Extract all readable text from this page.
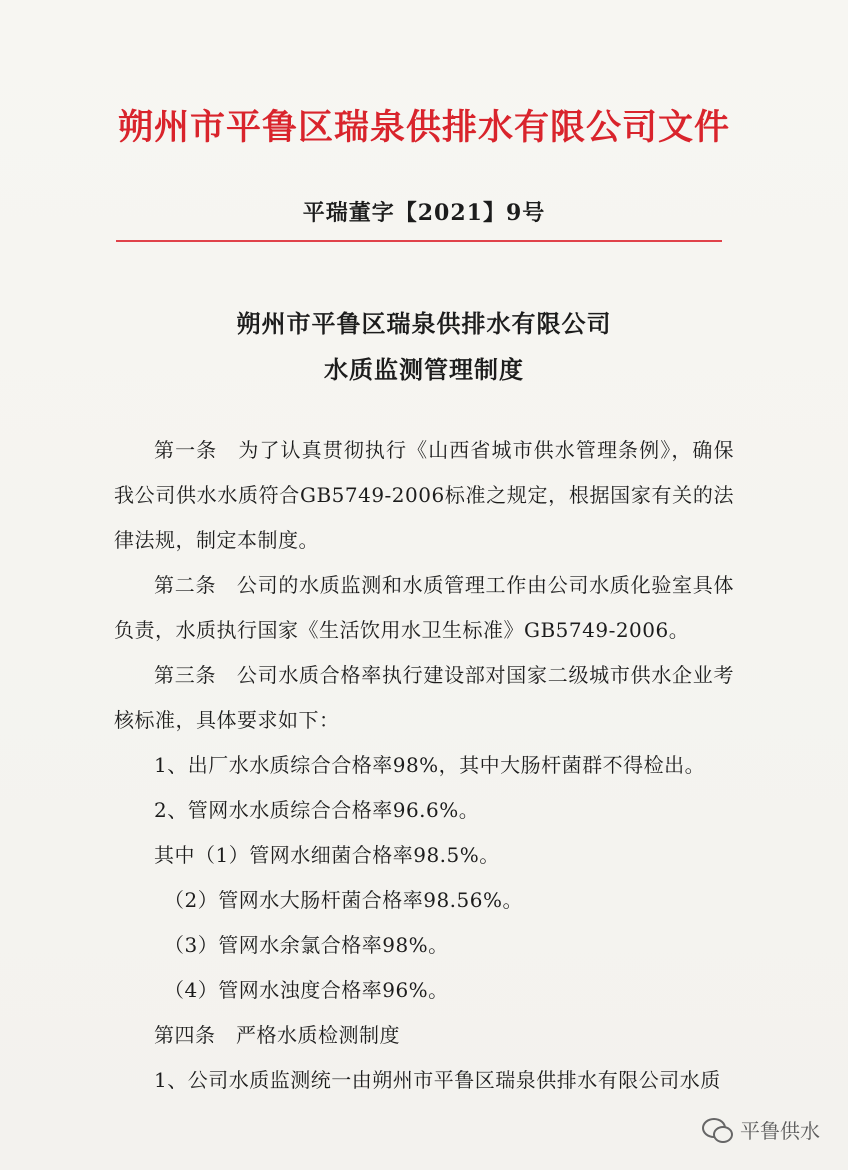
朔州市平鲁区瑞泉供排水有限公司文件
平瑞董字【2021】9号
朔州市平鲁区瑞泉供排水有限公司
水质监测管理制度

第一条　为了认真贯彻执行《山西省城市供水管理条例》，确保我公司供水水质符合GB5749-2006标准之规定，根据国家有关的法律法规，制定本制度。

第二条　公司的水质监测和水质管理工作由公司水质化验室具体负责，水质执行国家《生活饮用水卫生标准》GB5749-2006。

第三条　公司水质合格率执行建设部对国家二级城市供水企业考核标准，具体要求如下：

1、出厂水水质综合合格率98%，其中大肠杆菌群不得检出。

2、管网水水质综合合格率96.6%。

其中（1）管网水细菌合格率98.5%。

（2）管网水大肠杆菌合格率98.56%。

（3）管网水余氯合格率98%。

（4）管网水浊度合格率96%。

第四条　严格水质检测制度

1、公司水质监测统一由朔州市平鲁区瑞泉供排水有限公司水质

平鲁供水
